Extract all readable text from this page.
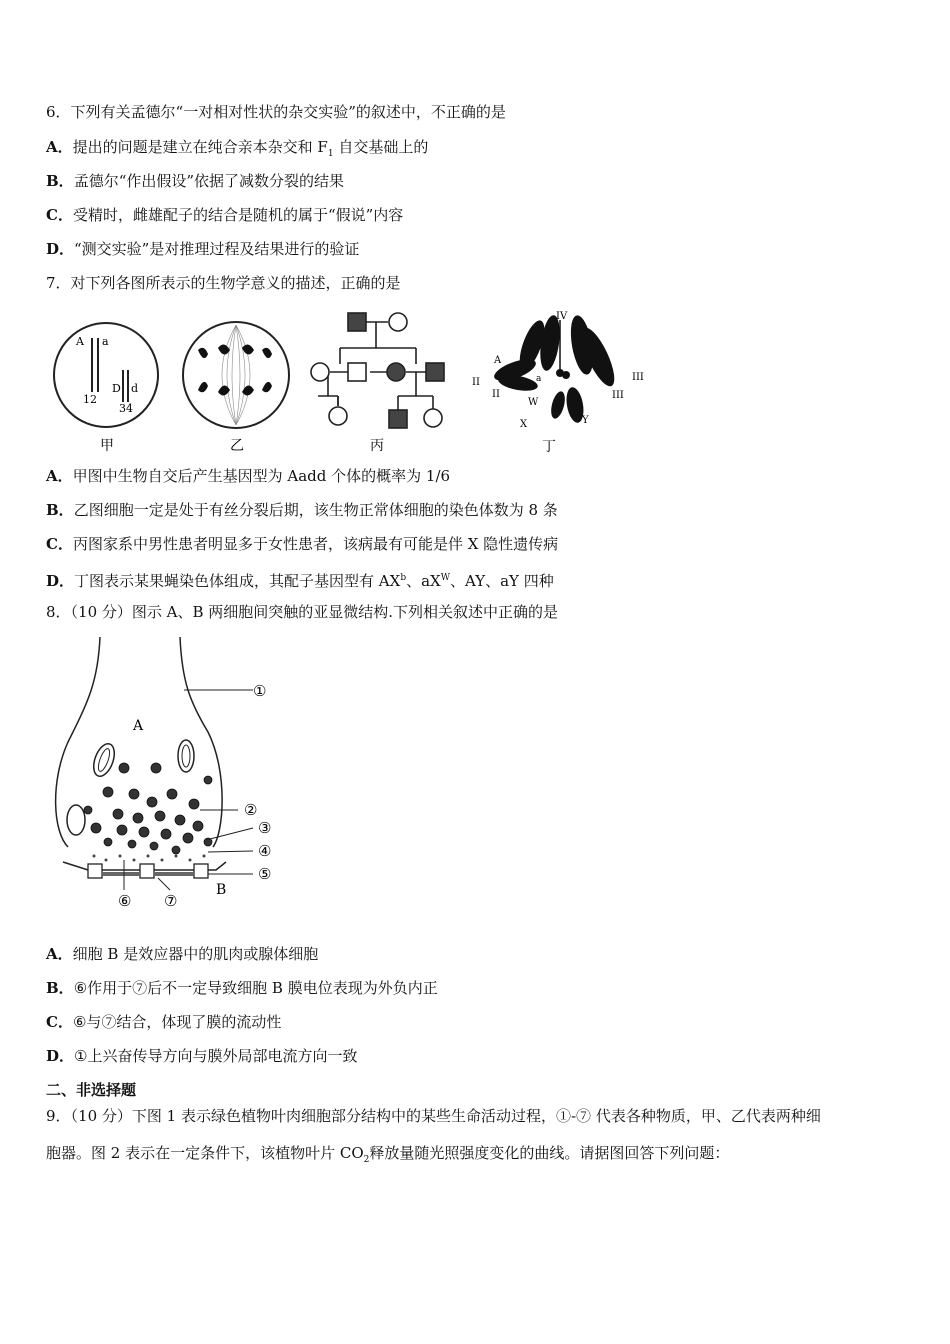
6．下列有关孟德尔“一对相对性状的杂交实验”的叙述中，不正确的是
A．提出的问题是建立在纯合亲本杂交和 $F_1$ 自交基础上的
B．孟德尔“作出假设”依据了减数分裂的结果
C．受精时，雌雄配子的结合是随机的属于“假说”内容
D．“测交实验”是对推理过程及结果进行的验证
7．对下列各图所表示的生物学意义的描述，正确的是
A a
12
D d
34
甲	乙	丙
IV
A
a
II
II
III
III
W
Y
X
丁
A．甲图中生物自交后产生基因型为 Aadd 个体的概率为 1/6
B．乙图细胞一定是处于有丝分裂后期，该生物正常体细胞的染色体数为 8 条
C．丙图家系中男性患者明显多于女性患者，该病最有可能是伴 X 隐性遗传病
D．丁图表示某果蝇染色体组成，其配子基因型有 $AX^b$、$aX^W$、AY、aY 四种
8．（10 分）图示 A、B 两细胞间突触的亚显微结构.下列相关叙述中正确的是
A
B
①
②
③
④
⑤
⑥ ⑦
A．细胞 B 是效应器中的肌肉或腺体细胞
B．⑥作用于⑦后不一定导致细胞 B 膜电位表现为外负内正
C．⑥与⑦结合，体现了膜的流动性
D．①上兴奋传导方向与膜外局部电流方向一致
二、非选择题
9．（10 分）下图 1 表示绿色植物叶肉细胞部分结构中的某些生命活动过程，①-⑦ 代表各种物质，甲、乙代表两种细
胞器。图 2 表示在一定条件下，该植物叶片 $CO_2$释放量随光照强度变化的曲线。请据图回答下列问题：
